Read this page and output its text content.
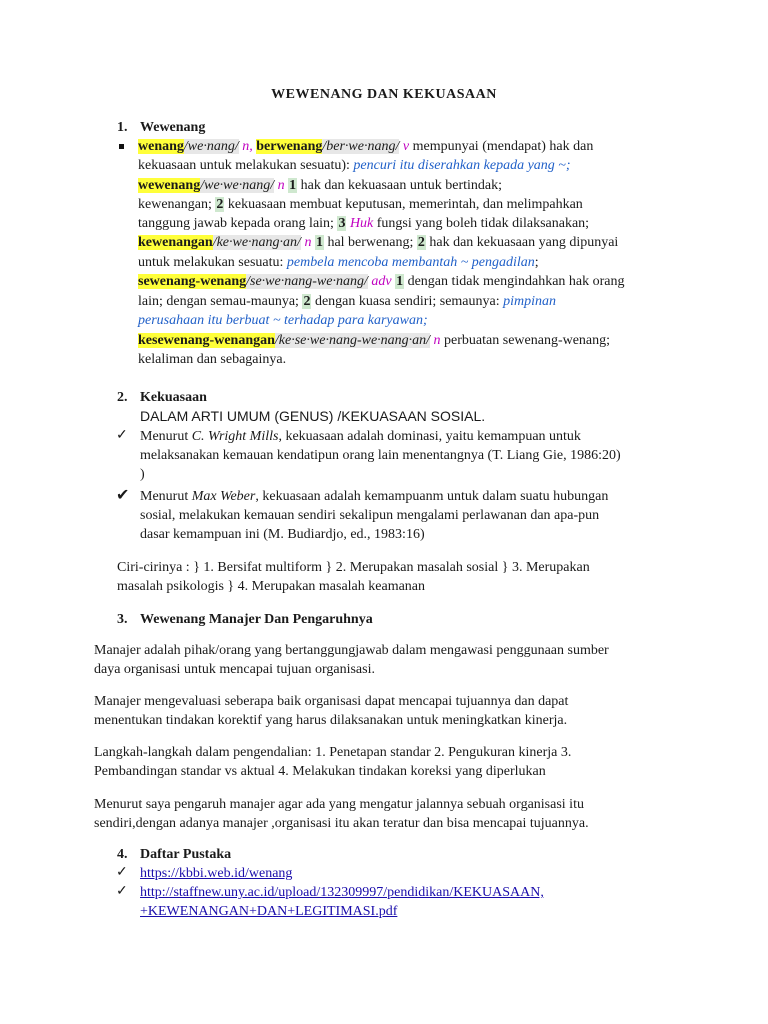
WEWENANG DAN KEKUASAAN
1. Wewenang
wenang/we·nang/ n, berwenang/ber·we·nang/ v mempunyai (mendapat) hak dan
kekuasaan untuk melakukan sesuatu): pencuri itu diserahkan kepada yang ~;
wewenang/we·we·nang/ n 1 hak dan kekuasaan untuk bertindak;
kewenangan; 2 kekuasaan membuat keputusan, memerintah, dan melimpahkan
tanggung jawab kepada orang lain; 3 Huk fungsi yang boleh tidak dilaksanakan;
kewenangan/ke·we·nang·an/ n 1 hal berwenang; 2 hak dan kekuasaan yang dipunyai
untuk melakukan sesuatu: pembela mencoba membantah ~ pengadilan;
sewenang-wenang/se·we·nang-we·nang/ adv 1 dengan tidak mengindahkan hak orang
lain; dengan semau-maunya; 2 dengan kuasa sendiri; semaunya: pimpinan
perusahaan itu berbuat ~ terhadap para karyawan;
kesewenang-wenangan/ke·se·we·nang-we·nang·an/ n perbuatan sewenang-wenang;
kelaliman dan sebagainya.
2. Kekuasaan
DALAM ARTI UMUM (GENUS) /KEKUASAAN SOSIAL.
✓ Menurut C. Wright Mills, kekuasaan adalah dominasi, yaitu kemampuan untuk
melaksanakan kemauan kendatipun orang lain menentangnya (T. Liang Gie, 1986:20)
)
✔ Menurut Max Weber, kekuasaan adalah kemampuanm untuk dalam suatu hubungan
sosial, melakukan kemauan sendiri sekalipun mengalami perlawanan dan apa-pun
dasar kemampuan ini (M. Budiardjo, ed., 1983:16)
Ciri-cirinya : } 1. Bersifat multiform } 2. Merupakan masalah sosial } 3. Merupakan
masalah psikologis } 4. Merupakan masalah keamanan
3. Wewenang Manajer Dan Pengaruhnya
Manajer adalah pihak/orang yang bertanggungjawab dalam mengawasi penggunaan sumber
daya organisasi untuk mencapai tujuan organisasi.
Manajer mengevaluasi seberapa baik organisasi dapat mencapai tujuannya dan dapat
menentukan tindakan korektif yang harus dilaksanakan untuk meningkatkan kinerja.
Langkah-langkah dalam pengendalian: 1. Penetapan standar 2. Pengukuran kinerja 3.
Pembandingan standar vs aktual 4. Melakukan tindakan koreksi yang diperlukan
Menurut saya pengaruh manajer agar ada yang mengatur jalannya sebuah organisasi itu
sendiri,dengan adanya manajer ,organisasi itu akan teratur dan bisa mencapai tujuannya.
4. Daftar Pustaka
✓ https://kbbi.web.id/wenang
✓ http://staffnew.uny.ac.id/upload/132309997/pendidikan/KEKUASAAN,
+KEWENANGAN+DAN+LEGITIMASI.pdf
